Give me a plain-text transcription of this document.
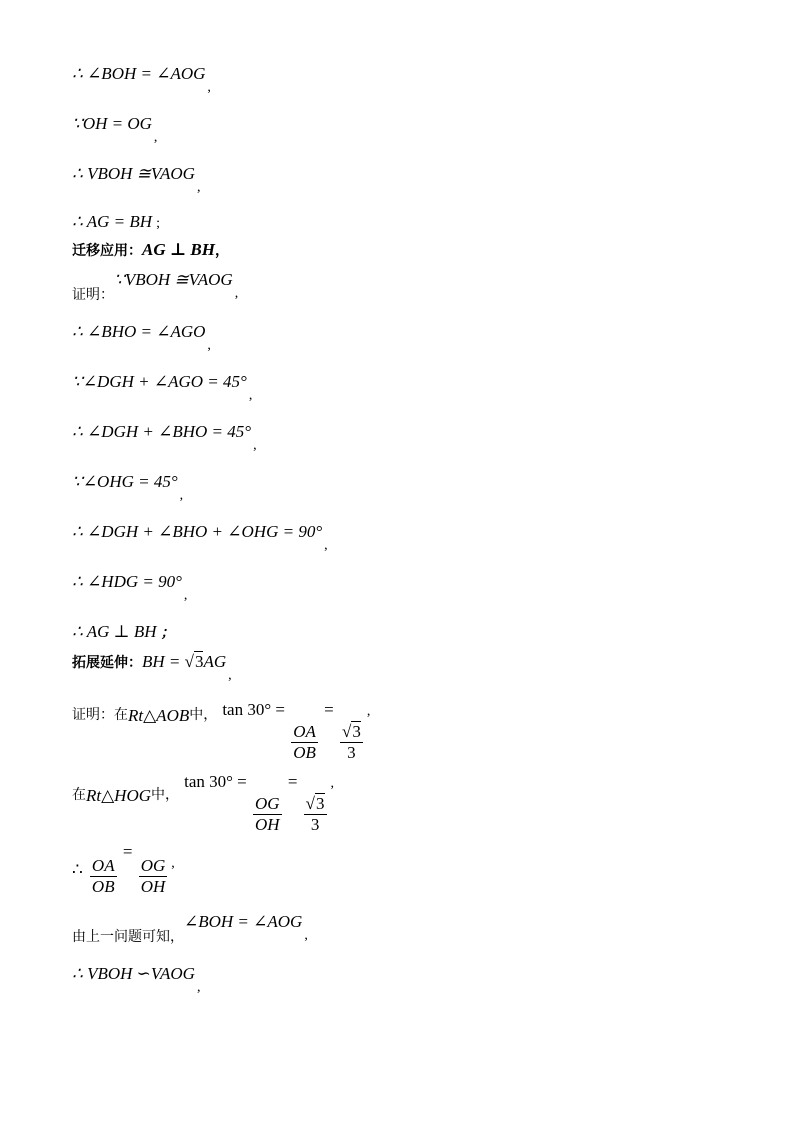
∴ ∠BOH = ∠AOG,
∵OH = OG,
∴ VBOH ≅VAOG,
∴ AG = BH ;
迁移应用：AG ⊥ BH，
证明：∵VBOH ≅VAOG,
∴ ∠BHO = ∠AGO,
∵∠DGH + ∠AGO = 45°,
∴ ∠DGH + ∠BHO = 45°,
∵∠OHG = 45°,
∴ ∠DGH + ∠BHO + ∠OHG = 90°,
∴ ∠HDG = 90°,
∴ AG ⊥ BH ；
拓展延伸：BH = √3AG,
证明：在Rt△AOB中， tan 30° =
$\frac{OA}{OB}$
=
$\frac{√3}{3}$
,
在Rt△HOG中， tan 30° =
$\frac{OG}{OH}$
=
$\frac{√3}{3}$
,
∴ $\frac{OA}{OB}$
=
$\frac{OG}{OH}$ ,
由上一问题可知，∠BOH = ∠AOG,
∴ VBOH ∽VAOG,
